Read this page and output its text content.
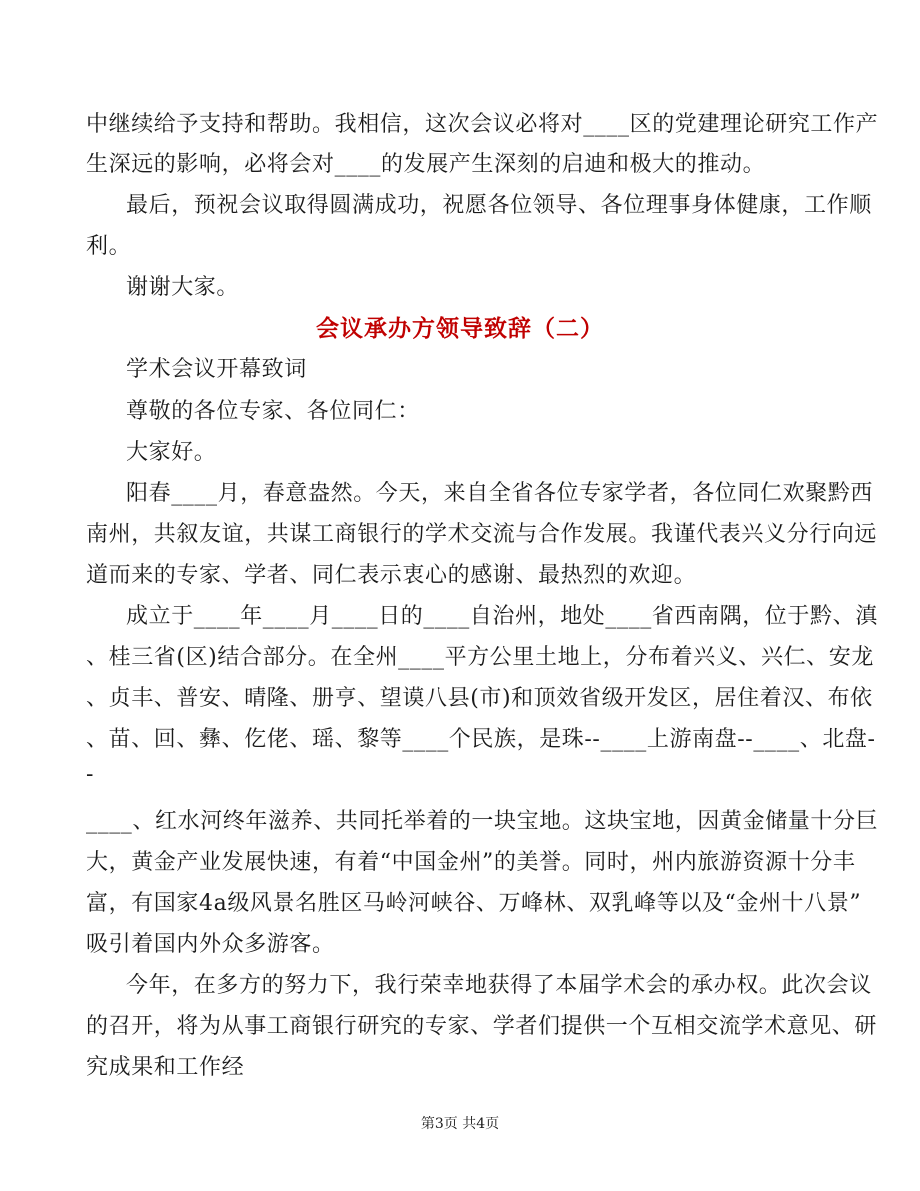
中继续给予支持和帮助。我相信，这次会议必将对____区的党建理论研究工作产
生深远的影响，必将会对____的发展产生深刻的启迪和极大的推动。
最后，预祝会议取得圆满成功，祝愿各位领导、各位理事身体健康，工作顺
利。
谢谢大家。
会议承办方领导致辞（二）
学术会议开幕致词
尊敬的各位专家、各位同仁：
大家好。
阳春____月，春意盎然。今天，来自全省各位专家学者，各位同仁欢聚黔西
南州，共叙友谊，共谋工商银行的学术交流与合作发展。我谨代表兴义分行向远
道而来的专家、学者、同仁表示衷心的感谢、最热烈的欢迎。
成立于____年____月____日的____自治州，地处____省西南隅，位于黔、滇
、桂三省(区)结合部分。在全州____平方公里土地上，分布着兴义、兴仁、安龙
、贞丰、普安、晴隆、册亨、望谟八县(市)和顶效省级开发区，居住着汉、布依
、苗、回、彝、仡佬、瑶、黎等____个民族，是珠--____上游南盘--____、北盘-
-
____、红水河终年滋养、共同托举着的一块宝地。这块宝地，因黄金储量十分巨
大，黄金产业发展快速，有着“中国金州”的美誉。同时，州内旅游资源十分丰
富，有国家4a级风景名胜区马岭河峡谷、万峰林、双乳峰等以及“金州十八景”
吸引着国内外众多游客。
今年，在多方的努力下，我行荣幸地获得了本届学术会的承办权。此次会议
的召开，将为从事工商银行研究的专家、学者们提供一个互相交流学术意见、研
究成果和工作经
第3页 共4页
